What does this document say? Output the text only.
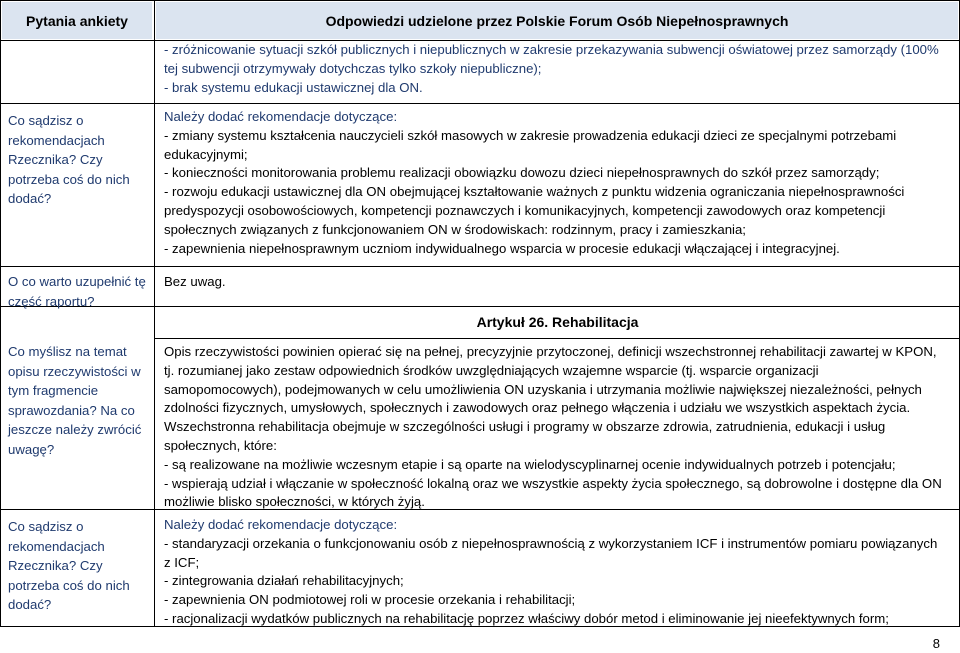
Pytania ankiety	Odpowiedzi udzielone przez Polskie Forum Osób Niepełnosprawnych

- zróżnicowanie sytuacji szkół publicznych i niepublicznych w zakresie przekazywania subwencji oświatowej przez samorządy (100%

tej subwencji otrzymywały dotychczas tylko szkoły niepubliczne);

- brak systemu edukacji ustawicznej dla ON.

Co sądzisz o rekomendacjach Rzecznika? Czy potrzeba coś do nich dodać?

Należy dodać rekomendacje dotyczące:

- zmiany systemu kształcenia nauczycieli szkół masowych w zakresie prowadzenia edukacji dzieci ze specjalnymi potrzebami

edukacyjnymi;

- konieczności monitorowania problemu realizacji obowiązku dowozu dzieci niepełnosprawnych do szkół przez samorządy;

- rozwoju edukacji ustawicznej dla ON obejmującej kształtowanie ważnych z punktu widzenia ograniczania niepełnosprawności

predyspozycji osobowościowych, kompetencji poznawczych i komunikacyjnych, kompetencji zawodowych oraz kompetencji

społecznych związanych z funkcjonowaniem ON w środowiskach: rodzinnym, pracy i zamieszkania;

- zapewnienia niepełnosprawnym uczniom indywidualnego wsparcia w procesie edukacji włączającej i integracyjnej.

O co warto uzupełnić tę część raportu?

Bez uwag.

Artykuł 26. Rehabilitacja
Co myślisz na temat opisu rzeczywistości w tym fragmencie sprawozdania? Na co jeszcze należy zwrócić uwagę?

Opis rzeczywistości powinien opierać się na pełnej, precyzyjnie przytoczonej, definicji wszechstronnej rehabilitacji zawartej w KPON,

tj. rozumianej jako zestaw odpowiednich środków uwzględniających wzajemne wsparcie (tj. wsparcie organizacji

samopomocowych), podejmowanych w celu umożliwienia ON uzyskania i utrzymania możliwie największej niezależności, pełnych

zdolności fizycznych, umysłowych, społecznych i zawodowych oraz pełnego włączenia i udziału we wszystkich aspektach życia.

Wszechstronna rehabilitacja obejmuje w szczególności usługi i programy w obszarze zdrowia, zatrudnienia, edukacji i usług

społecznych, które:

- są realizowane na możliwie wczesnym etapie i są oparte na wielodyscyplinarnej ocenie indywidualnych potrzeb i potencjału;

- wspierają udział i włączanie w społeczność lokalną oraz we wszystkie aspekty życia społecznego, są dobrowolne i dostępne dla ON

możliwie blisko społeczności, w których żyją.

Co sądzisz o rekomendacjach Rzecznika? Czy potrzeba coś do nich dodać?

Należy dodać rekomendacje dotyczące:

- standaryzacji orzekania o funkcjonowaniu osób z niepełnosprawnością z wykorzystaniem ICF i instrumentów pomiaru powiązanych

z ICF;

- zintegrowania działań rehabilitacyjnych;

- zapewnienia ON podmiotowej roli w procesie orzekania i rehabilitacji;

- racjonalizacji wydatków publicznych na rehabilitację poprzez właściwy dobór metod i eliminowanie jej nieefektywnych form;

8
